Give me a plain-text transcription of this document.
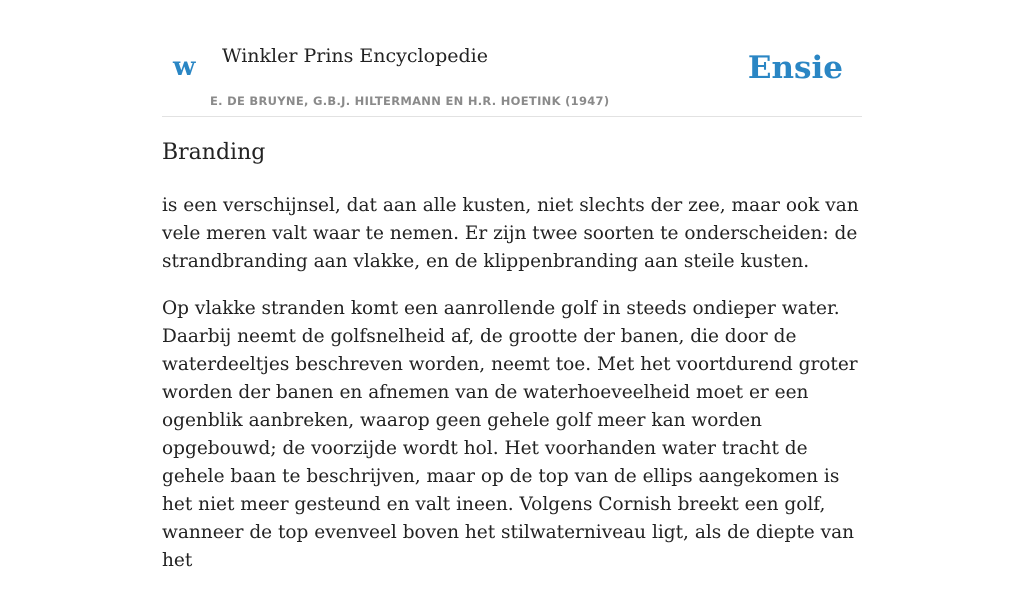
w Winkler Prins Encyclopedie
E. DE BRUYNE, G.B.J. HILTERMANN EN H.R. HOETINK (1947)
Ensie
Branding

is een verschijnsel, dat aan alle kusten, niet slechts der zee, maar ook van vele meren valt waar te nemen. Er zijn twee soorten te onderscheiden: de strandbranding aan vlakke, en de klippenbranding aan steile kusten.

Op vlakke stranden komt een aanrollende golf in steeds ondieper water. Daarbij neemt de golfsnelheid af, de grootte der banen, die door de waterdeeltjes beschreven worden, neemt toe. Met het voortdurend groter worden der banen en afnemen van de waterhoeveelheid moet er een ogenblik aanbreken, waarop geen gehele golf meer kan worden opgebouwd; de voorzijde wordt hol. Het voorhanden water tracht de gehele baan te beschrijven, maar op de top van de ellips aangekomen is het niet meer gesteund en valt ineen. Volgens Cornish breekt een golf, wanneer de top evenveel boven het stilwaterniveau ligt, als de diepte van het
